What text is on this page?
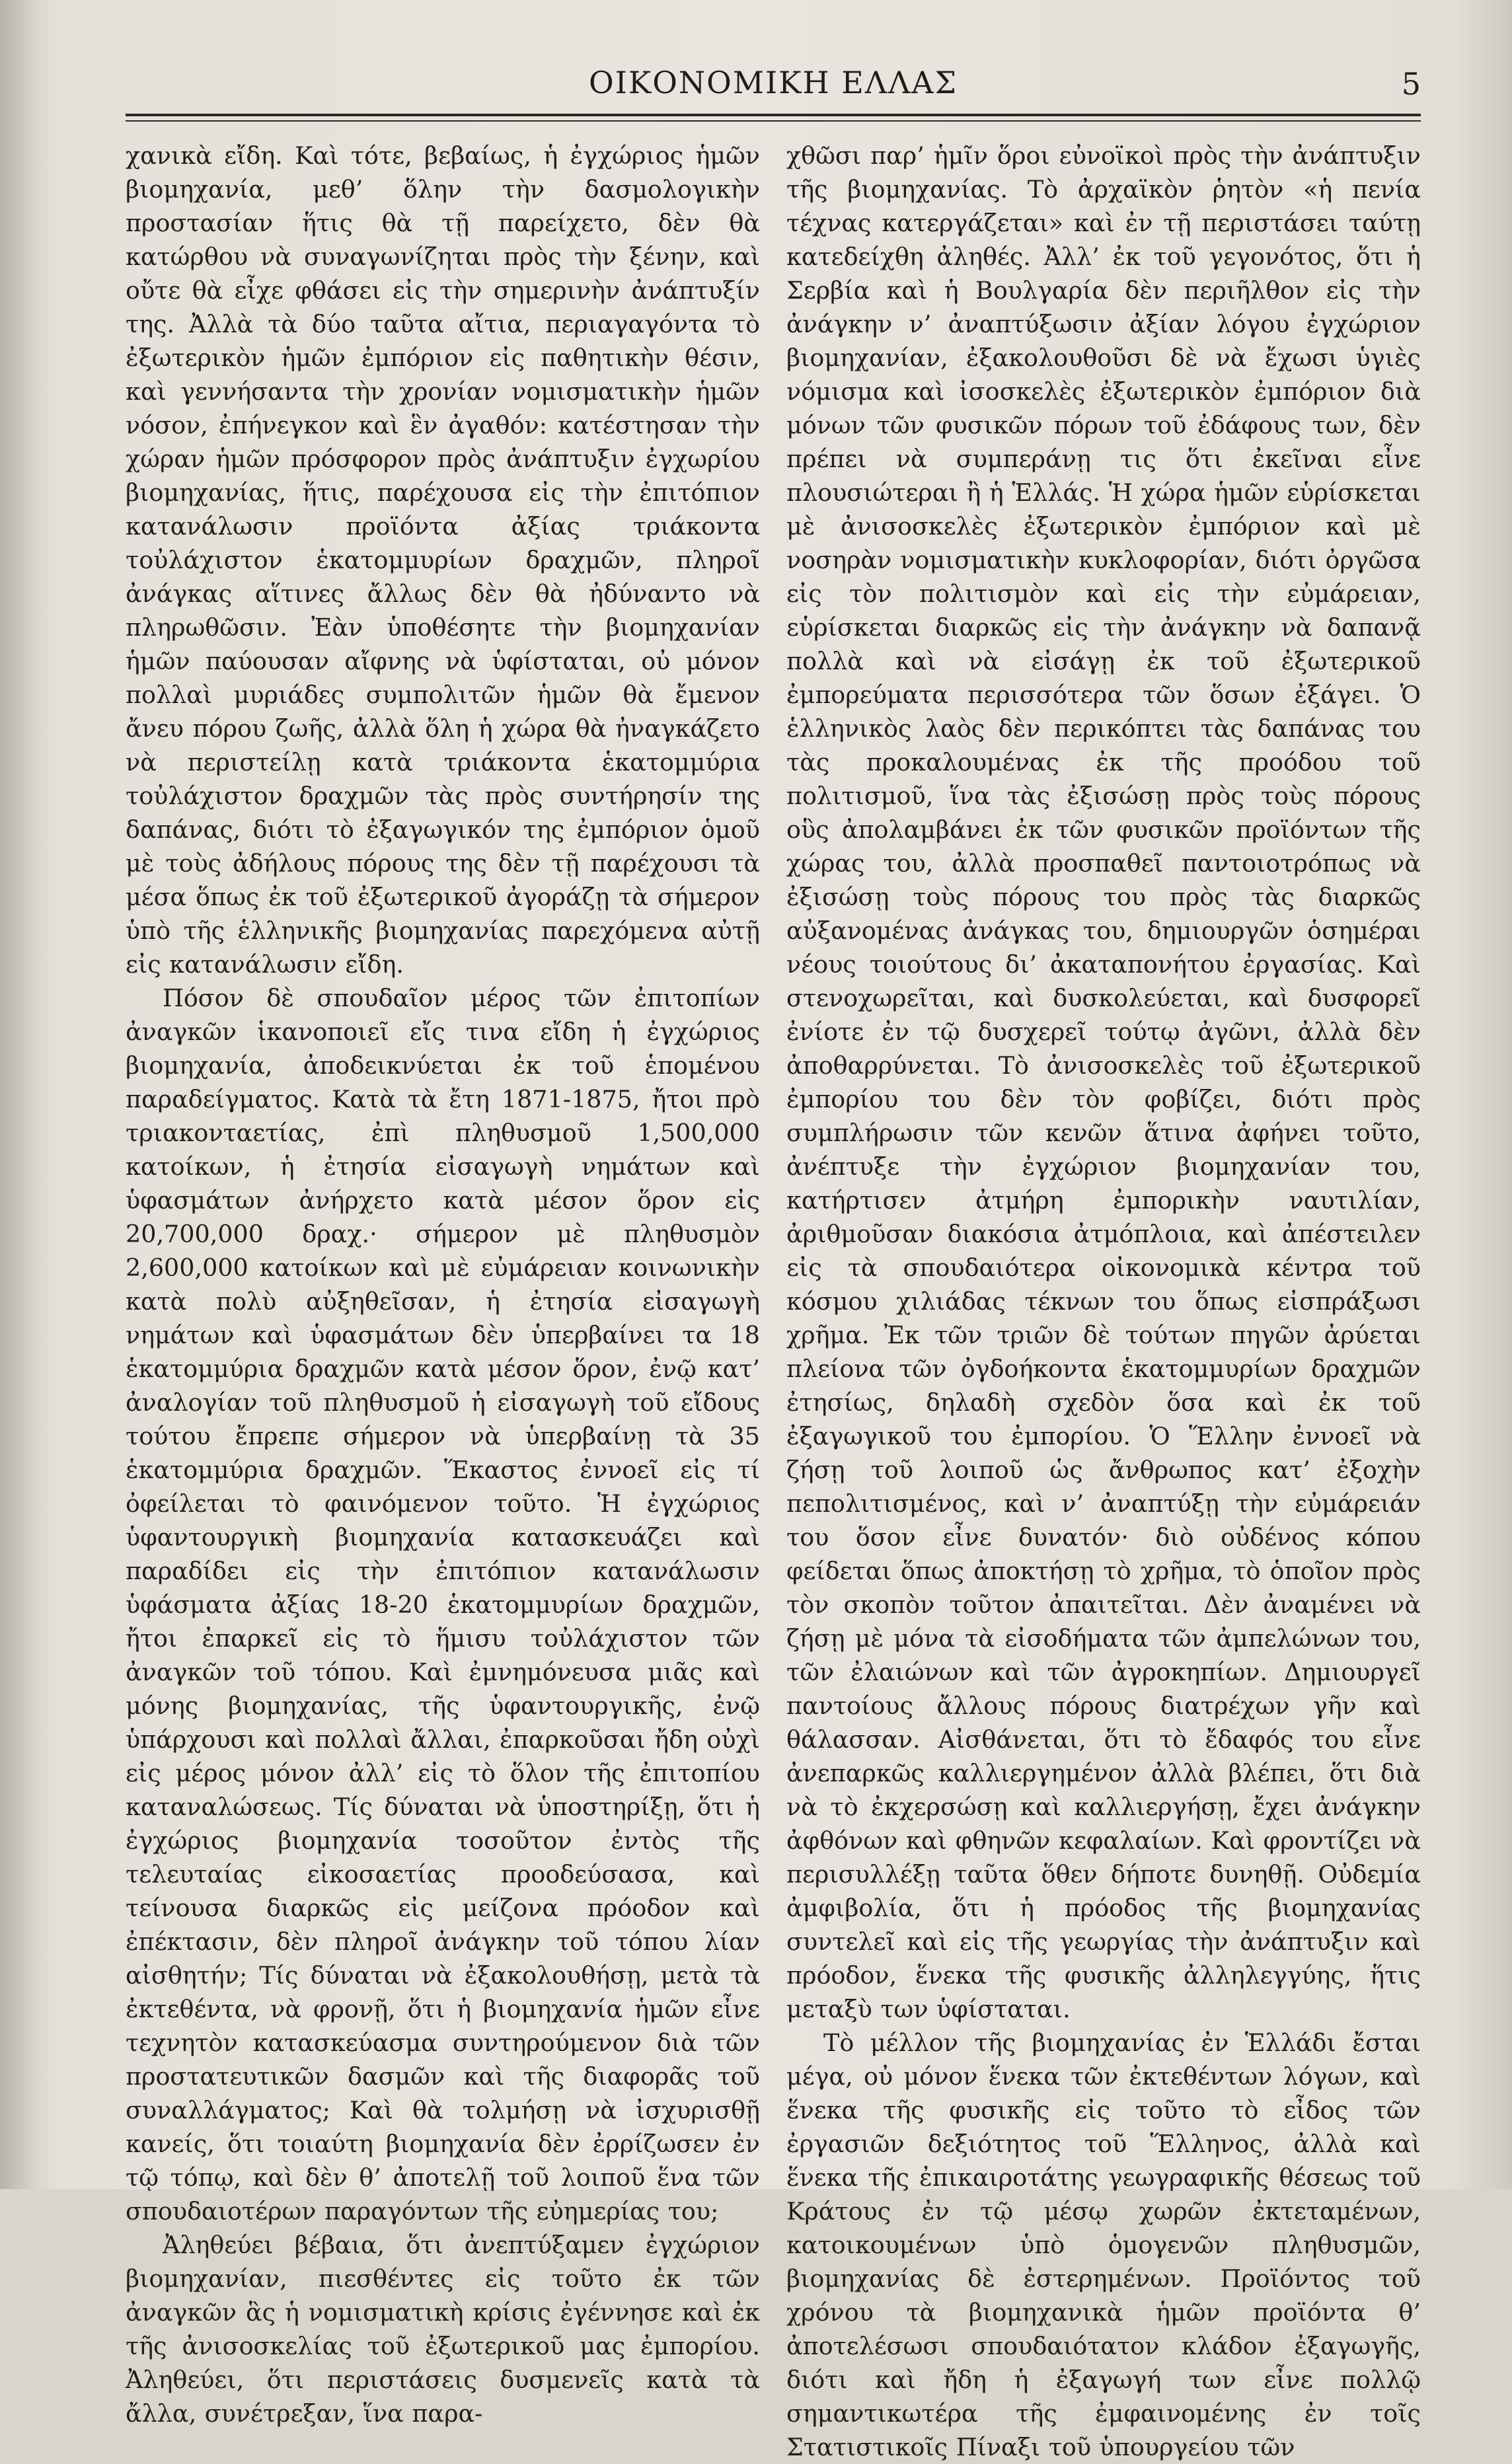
ΟΙΚΟΝΟΜΙΚΗ ΕΛΛΑΣ	5

χανικὰ εἴδη. Καὶ τότε, βεβαίως, ἡ ἐγχώριος ἡμῶν βιομηχανία, μεθ’ ὅλην τὴν δασμολογικὴν προστασίαν ἥτις θὰ τῇ παρείχετο, δὲν θὰ κατώρθου νὰ συναγωνίζηται πρὸς τὴν ξένην, καὶ οὔτε θὰ εἶχε φθάσει εἰς τὴν σημερινὴν ἀνάπτυξίν της. Ἀλλὰ τὰ δύο ταῦτα αἴτια, περιαγαγόντα τὸ ἐξωτερικὸν ἡμῶν ἐμπόριον εἰς παθητικὴν θέσιν, καὶ γεννήσαντα τὴν χρονίαν νομισματικὴν ἡμῶν νόσον, ἐπήνεγκον καὶ ἓν ἀγαθόν: κατέστησαν τὴν χώραν ἡμῶν πρόσφορον πρὸς ἀνάπτυξιν ἐγχωρίου βιομηχανίας, ἥτις, παρέχουσα εἰς τὴν ἐπιτόπιον κατανάλωσιν προϊόντα ἀξίας τριάκοντα τοὐλάχιστον ἑκατομμυρίων δραχμῶν, πληροῖ ἀνάγκας αἵτινες ἄλλως δὲν θὰ ἠδύναντο νὰ πληρωθῶσιν. Ἐὰν ὑποθέσητε τὴν βιομηχανίαν ἡμῶν παύουσαν αἴφνης νὰ ὑφίσταται, οὐ μόνον πολλαὶ μυριάδες συμπολιτῶν ἡμῶν θὰ ἔμενον ἄνευ πόρου ζωῆς, ἀλλὰ ὅλη ἡ χώρα θὰ ἠναγκάζετο νὰ περιστείλῃ κατὰ τριάκοντα ἑκατομμύρια τοὐλάχιστον δραχμῶν τὰς πρὸς συντήρησίν της δαπάνας, διότι τὸ ἐξαγωγικόν της ἐμπόριον ὁμοῦ μὲ τοὺς ἀδήλους πόρους της δὲν τῇ παρέχουσι τὰ μέσα ὅπως ἐκ τοῦ ἐξωτερικοῦ ἀγοράζῃ τὰ σήμερον ὑπὸ τῆς ἑλληνικῆς βιομηχανίας παρεχόμενα αὐτῇ εἰς κατανάλωσιν εἴδη.

Πόσον δὲ σπουδαῖον μέρος τῶν ἐπιτοπίων ἀναγκῶν ἱκανοποιεῖ εἴς τινα εἴδη ἡ ἐγχώριος βιομηχανία, ἀποδεικνύεται ἐκ τοῦ ἑπομένου παραδείγματος. Κατὰ τὰ ἔτη 1871-1875, ἤτοι πρὸ τριακονταετίας, ἐπὶ πληθυσμοῦ 1,500,000 κατοίκων, ἡ ἐτησία εἰσαγωγὴ νημάτων καὶ ὑφασμάτων ἀνήρχετο κατὰ μέσον ὅρον εἰς 20,700,000 δραχ.· σήμερον μὲ πληθυσμὸν 2,600,000 κατοίκων καὶ μὲ εὐμάρειαν κοινωνικὴν κατὰ πολὺ αὐξηθεῖσαν, ἡ ἐτησία εἰσαγωγὴ νημάτων καὶ ὑφασμάτων δὲν ὑπερβαίνει τα 18 ἑκατομμύρια δραχμῶν κατὰ μέσον ὅρον, ἐνῷ κατ’ ἀναλογίαν τοῦ πληθυσμοῦ ἡ εἰσαγωγὴ τοῦ εἴδους τούτου ἔπρεπε σήμερον νὰ ὑπερβαίνῃ τὰ 35 ἑκατομμύρια δραχμῶν. Ἕκαστος ἐννοεῖ εἰς τί ὀφείλεται τὸ φαινόμενον τοῦτο. Ἡ ἐγχώριος ὑφαντουργικὴ βιομηχανία κατασκευάζει καὶ παραδίδει εἰς τὴν ἐπιτόπιον κατανάλωσιν ὑφάσματα ἀξίας 18-20 ἑκατομμυρίων δραχμῶν, ἤτοι ἐπαρκεῖ εἰς τὸ ἥμισυ τοὐλάχιστον τῶν ἀναγκῶν τοῦ τόπου. Καὶ ἐμνημόνευσα μιᾶς καὶ μόνης βιομηχανίας, τῆς ὑφαντουργικῆς, ἐνῷ ὑπάρχουσι καὶ πολλαὶ ἄλλαι, ἐπαρκοῦσαι ἤδη οὐχὶ εἰς μέρος μόνον ἀλλ’ εἰς τὸ ὅλον τῆς ἐπιτοπίου καταναλώσεως. Τίς δύναται νὰ ὑποστηρίξῃ, ὅτι ἡ ἐγχώριος βιομηχανία τοσοῦτον ἐντὸς τῆς τελευταίας εἰκοσαετίας προοδεύσασα, καὶ τείνουσα διαρκῶς εἰς μείζονα πρόοδον καὶ ἐπέκτασιν, δὲν πληροῖ ἀνάγκην τοῦ τόπου λίαν αἰσθητήν; Τίς δύναται νὰ ἐξακολουθήσῃ, μετὰ τὰ ἐκτεθέντα, νὰ φρονῇ, ὅτι ἡ βιομηχανία ἡμῶν εἶνε τεχνητὸν κατασκεύασμα συντηρούμενον διὰ τῶν προστατευτικῶν δασμῶν καὶ τῆς διαφορᾶς τοῦ συναλλάγματος; Καὶ θὰ τολμήσῃ νὰ ἰσχυρισθῇ κανείς, ὅτι τοιαύτη βιομηχανία δὲν ἐρρίζωσεν ἐν τῷ τόπῳ, καὶ δὲν θ’ ἀποτελῇ τοῦ λοιποῦ ἕνα τῶν σπουδαιοτέρων παραγόντων τῆς εὐημερίας του;

Ἀληθεύει βέβαια, ὅτι ἀνεπτύξαμεν ἐγχώριον βιομηχανίαν, πιεσθέντες εἰς τοῦτο ἐκ τῶν ἀναγκῶν ἃς ἡ νομισματικὴ κρίσις ἐγέννησε καὶ ἐκ τῆς ἀνισοσκελίας τοῦ ἐξωτερικοῦ μας ἐμπορίου. Ἀληθεύει, ὅτι περιστάσεις δυσμενεῖς κατὰ τὰ ἄλλα, συνέτρεξαν, ἵνα παρα-

χθῶσι παρ’ ἡμῖν ὅροι εὐνοϊκοὶ πρὸς τὴν ἀνάπτυξιν τῆς βιομηχανίας. Τὸ ἀρχαϊκὸν ῥητὸν «ἡ πενία τέχνας κατεργάζεται» καὶ ἐν τῇ περιστάσει ταύτῃ κατεδείχθη ἀληθές. Ἀλλ’ ἐκ τοῦ γεγονότος, ὅτι ἡ Σερβία καὶ ἡ Βουλγαρία δὲν περιῆλθον εἰς τὴν ἀνάγκην ν’ ἀναπτύξωσιν ἀξίαν λόγου ἐγχώριον βιομηχανίαν, ἐξακολουθοῦσι δὲ νὰ ἔχωσι ὑγιὲς νόμισμα καὶ ἰσοσκελὲς ἐξωτερικὸν ἐμπόριον διὰ μόνων τῶν φυσικῶν πόρων τοῦ ἐδάφους των, δὲν πρέπει νὰ συμπεράνῃ τις ὅτι ἐκεῖναι εἶνε πλουσιώτεραι ἢ ἡ Ἑλλάς. Ἡ χώρα ἡμῶν εὑρίσκεται μὲ ἀνισοσκελὲς ἐξωτερικὸν ἐμπόριον καὶ μὲ νοσηρὰν νομισματικὴν κυκλοφορίαν, διότι ὀργῶσα εἰς τὸν πολιτισμὸν καὶ εἰς τὴν εὐμάρειαν, εὑρίσκεται διαρκῶς εἰς τὴν ἀνάγκην νὰ δαπανᾷ πολλὰ καὶ νὰ εἰσάγῃ ἐκ τοῦ ἐξωτερικοῦ ἐμπορεύματα περισσότερα τῶν ὅσων ἐξάγει. Ὁ ἑλληνικὸς λαὸς δὲν περικόπτει τὰς δαπάνας του τὰς προκαλουμένας ἐκ τῆς προόδου τοῦ πολιτισμοῦ, ἵνα τὰς ἐξισώσῃ πρὸς τοὺς πόρους οὓς ἀπολαμβάνει ἐκ τῶν φυσικῶν προϊόντων τῆς χώρας του, ἀλλὰ προσπαθεῖ παντοιοτρόπως νὰ ἐξισώσῃ τοὺς πόρους του πρὸς τὰς διαρκῶς αὐξανομένας ἀνάγκας του, δημιουργῶν ὁσημέραι νέους τοιούτους δι’ ἀκαταπονήτου ἐργασίας. Καὶ στενοχωρεῖται, καὶ δυσκολεύεται, καὶ δυσφορεῖ ἐνίοτε ἐν τῷ δυσχερεῖ τούτῳ ἀγῶνι, ἀλλὰ δὲν ἀποθαρρύνεται. Τὸ ἀνισοσκελὲς τοῦ ἐξωτερικοῦ ἐμπορίου του δὲν τὸν φοβίζει, διότι πρὸς συμπλήρωσιν τῶν κενῶν ἅτινα ἀφήνει τοῦτο, ἀνέπτυξε τὴν ἐγχώριον βιομηχανίαν του, κατήρτισεν ἀτμήρη ἐμπορικὴν ναυτιλίαν, ἀριθμοῦσαν διακόσια ἀτμόπλοια, καὶ ἀπέστειλεν εἰς τὰ σπουδαιότερα οἰκονομικὰ κέντρα τοῦ κόσμου χιλιάδας τέκνων του ὅπως εἰσπράξωσι χρῆμα. Ἐκ τῶν τριῶν δὲ τούτων πηγῶν ἀρύεται πλείονα τῶν ὀγδοήκοντα ἑκατομμυρίων δραχμῶν ἐτησίως, δηλαδὴ σχεδὸν ὅσα καὶ ἐκ τοῦ ἐξαγωγικοῦ του ἐμπορίου. Ὁ Ἕλλην ἐννοεῖ νὰ ζήσῃ τοῦ λοιποῦ ὡς ἄνθρωπος κατ’ ἐξοχὴν πεπολιτισμένος, καὶ ν’ ἀναπτύξῃ τὴν εὐμάρειάν του ὅσον εἶνε δυνατόν· διὸ οὐδένος κόπου φείδεται ὅπως ἀποκτήσῃ τὸ χρῆμα, τὸ ὁποῖον πρὸς τὸν σκοπὸν τοῦτον ἀπαιτεῖται. Δὲν ἀναμένει νὰ ζήσῃ μὲ μόνα τὰ εἰσοδήματα τῶν ἀμπελώνων του, τῶν ἐλαιώνων καὶ τῶν ἀγροκηπίων. Δημιουργεῖ παντοίους ἄλλους πόρους διατρέχων γῆν καὶ θάλασσαν. Αἰσθάνεται, ὅτι τὸ ἔδαφός του εἶνε ἀνεπαρκῶς καλλιεργημένον ἀλλὰ βλέπει, ὅτι διὰ νὰ τὸ ἐκχερσώσῃ καὶ καλλιεργήσῃ, ἔχει ἀνάγκην ἀφθόνων καὶ φθηνῶν κεφαλαίων. Καὶ φροντίζει νὰ περισυλλέξῃ ταῦτα ὅθεν δήποτε δυνηθῇ. Οὐδεμία ἀμφιβολία, ὅτι ἡ πρόοδος τῆς βιομηχανίας συντελεῖ καὶ εἰς τῆς γεωργίας τὴν ἀνάπτυξιν καὶ πρόοδον, ἕνεκα τῆς φυσικῆς ἀλληλεγγύης, ἥτις μεταξὺ των ὑφίσταται.

Τὸ μέλλον τῆς βιομηχανίας ἐν Ἑλλάδι ἔσται μέγα, οὐ μόνον ἕνεκα τῶν ἐκτεθέντων λόγων, καὶ ἕνεκα τῆς φυσικῆς εἰς τοῦτο τὸ εἶδος τῶν ἐργασιῶν δεξιότητος τοῦ Ἕλληνος, ἀλλὰ καὶ ἕνεκα τῆς ἐπικαιροτάτης γεωγραφικῆς θέσεως τοῦ Κράτους ἐν τῷ μέσῳ χωρῶν ἐκτεταμένων, κατοικουμένων ὑπὸ ὁμογενῶν πληθυσμῶν, βιομηχανίας δὲ ἐστερημένων. Προϊόντος τοῦ χρόνου τὰ βιομηχανικὰ ἡμῶν προϊόντα θ’ ἀποτελέσωσι σπουδαιότατον κλάδον ἐξαγωγῆς, διότι καὶ ἤδη ἡ ἐξαγωγή των εἶνε πολλῷ σημαντικωτέρα τῆς ἐμφαινομένης ἐν τοῖς Στατιστικοῖς Πίναξι τοῦ ὑπουργείου τῶν
